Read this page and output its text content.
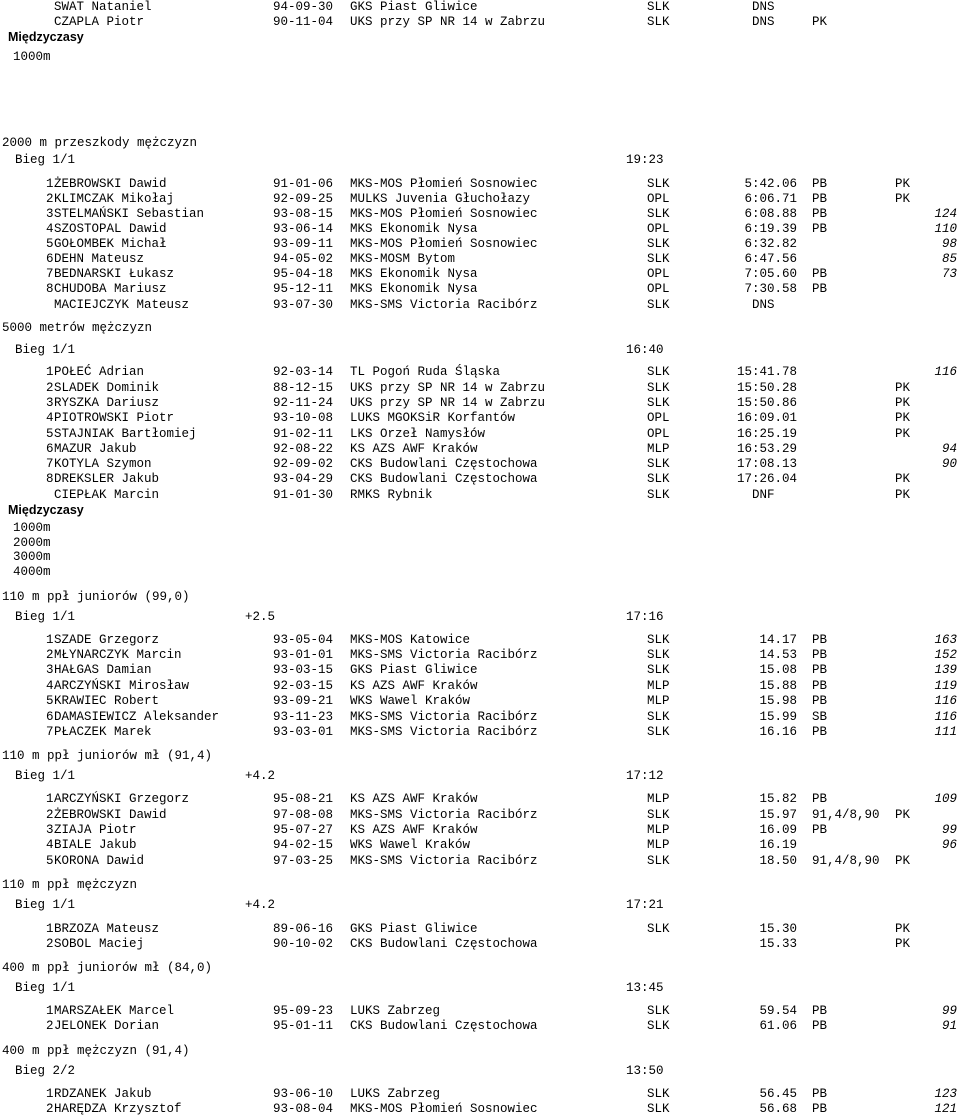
SWAT Nataniel	94-09-30 GKS Piast Gliwice	SLK	DNS
CZAPLA Piotr	90-11-04 UKS przy SP NR 14 w Zabrzu	SLK	DNS	PK
Międzyczasy
1000m
2000 m przeszkody mężczyzn
Bieg 1/1	19:23
1 ŻEBROWSKI Dawid	91-01-06 MKS-MOS Płomień Sosnowiec	SLK	5:42.06 PB	PK
2 KLIMCZAK Mikołaj	92-09-25 MULKS Juvenia Głuchołazy	OPL	6:06.71 PB	PK
3 STELMAŃSKI Sebastian	93-08-15 MKS-MOS Płomień Sosnowiec	SLK	6:08.88 PB	124
4 SZOSTOPAL Dawid	93-06-14 MKS Ekonomik Nysa	OPL	6:19.39 PB	110
5 GOŁOMBEK Michał	93-09-11 MKS-MOS Płomień Sosnowiec	SLK	6:32.82	98
6 DEHN Mateusz	94-05-02 MKS-MOSM Bytom	SLK	6:47.56	85
7 BEDNARSKI Łukasz	95-04-18 MKS Ekonomik Nysa	OPL	7:05.60 PB	73
8 CHUDOBA Mariusz	95-12-11 MKS Ekonomik Nysa	OPL	7:30.58 PB
MACIEJCZYK Mateusz	93-07-30 MKS-SMS Victoria Racibórz	SLK	DNS
5000 metrów mężczyzn
Bieg 1/1	16:40
1 POŁEĆ Adrian	92-03-14 TL Pogoń Ruda Śląska	SLK	15:41.78	116
2 SLADEK Dominik	88-12-15 UKS przy SP NR 14 w Zabrzu	SLK	15:50.28	PK
3 RYSZKA Dariusz	92-11-24 UKS przy SP NR 14 w Zabrzu	SLK	15:50.86	PK
4 PIOTROWSKI Piotr	93-10-08 LUKS MGOKSiR Korfantów	OPL	16:09.01	PK
5 STAJNIAK Bartłomiej	91-02-11 LKS Orzeł Namysłów	OPL	16:25.19	PK
6 MAZUR Jakub	92-08-22 KS AZS AWF Kraków	MLP	16:53.29	94
7 KOTYLA Szymon	92-09-02 CKS Budowlani Częstochowa	SLK	17:08.13	90
8 DREKSLER Jakub	93-04-29 CKS Budowlani Częstochowa	SLK	17:26.04	PK
CIEPŁAK Marcin	91-01-30 RMKS Rybnik	SLK	DNF	PK
Międzyczasy
1000m
2000m
3000m
4000m
110 m ppł juniorów (99,0)
Bieg 1/1	+2.5	17:16
1 SZADE Grzegorz	93-05-04 MKS-MOS Katowice	SLK	14.17 PB	163
2 MŁYNARCZYK Marcin	93-01-01 MKS-SMS Victoria Racibórz	SLK	14.53 PB	152
3 HAŁGAS Damian	93-03-15 GKS Piast Gliwice	SLK	15.08 PB	139
4 ARCZYŃSKI Mirosław	92-03-15 KS AZS AWF Kraków	MLP	15.88 PB	119
5 KRAWIEC Robert	93-09-21 WKS Wawel Kraków	MLP	15.98 PB	116
6 DAMASIEWICZ Aleksander	93-11-23 MKS-SMS Victoria Racibórz	SLK	15.99 SB	116
7 PŁACZEK Marek	93-03-01 MKS-SMS Victoria Racibórz	SLK	16.16 PB	111
110 m ppł juniorów mł (91,4)
Bieg 1/1	+4.2	17:12
1 ARCZYŃSKI Grzegorz	95-08-21 KS AZS AWF Kraków	MLP	15.82 PB	109
2 ŻEBROWSKI Dawid	97-08-08 MKS-SMS Victoria Racibórz	SLK	15.97 91,4/8,90 PK
3 ZIAJA Piotr	95-07-27 KS AZS AWF Kraków	MLP	16.09 PB	99
4 BIALE Jakub	94-02-15 WKS Wawel Kraków	MLP	16.19	96
5 KORONA Dawid	97-03-25 MKS-SMS Victoria Racibórz	SLK	18.50 91,4/8,90 PK
110 m ppł mężczyzn
Bieg 1/1	+4.2	17:21
1 BRZOZA Mateusz	89-06-16 GKS Piast Gliwice	SLK	15.30	PK
2 SOBOL Maciej	90-10-02 CKS Budowlani Częstochowa	15.33	PK
400 m ppł juniorów mł (84,0)
Bieg 1/1	13:45
1 MARSZAŁEK Marcel	95-09-23 LUKS Zabrzeg	SLK	59.54 PB	99
2 JELONEK Dorian	95-01-11 CKS Budowlani Częstochowa	SLK	61.06 PB	91
400 m ppł mężczyzn (91,4)
Bieg 2/2	13:50
1 RDZANEK Jakub	93-06-10 LUKS Zabrzeg	SLK	56.45 PB	123
2 HARĘDZA Krzysztof	93-08-04 MKS-MOS Płomień Sosnowiec	SLK	56.68 PB	121
